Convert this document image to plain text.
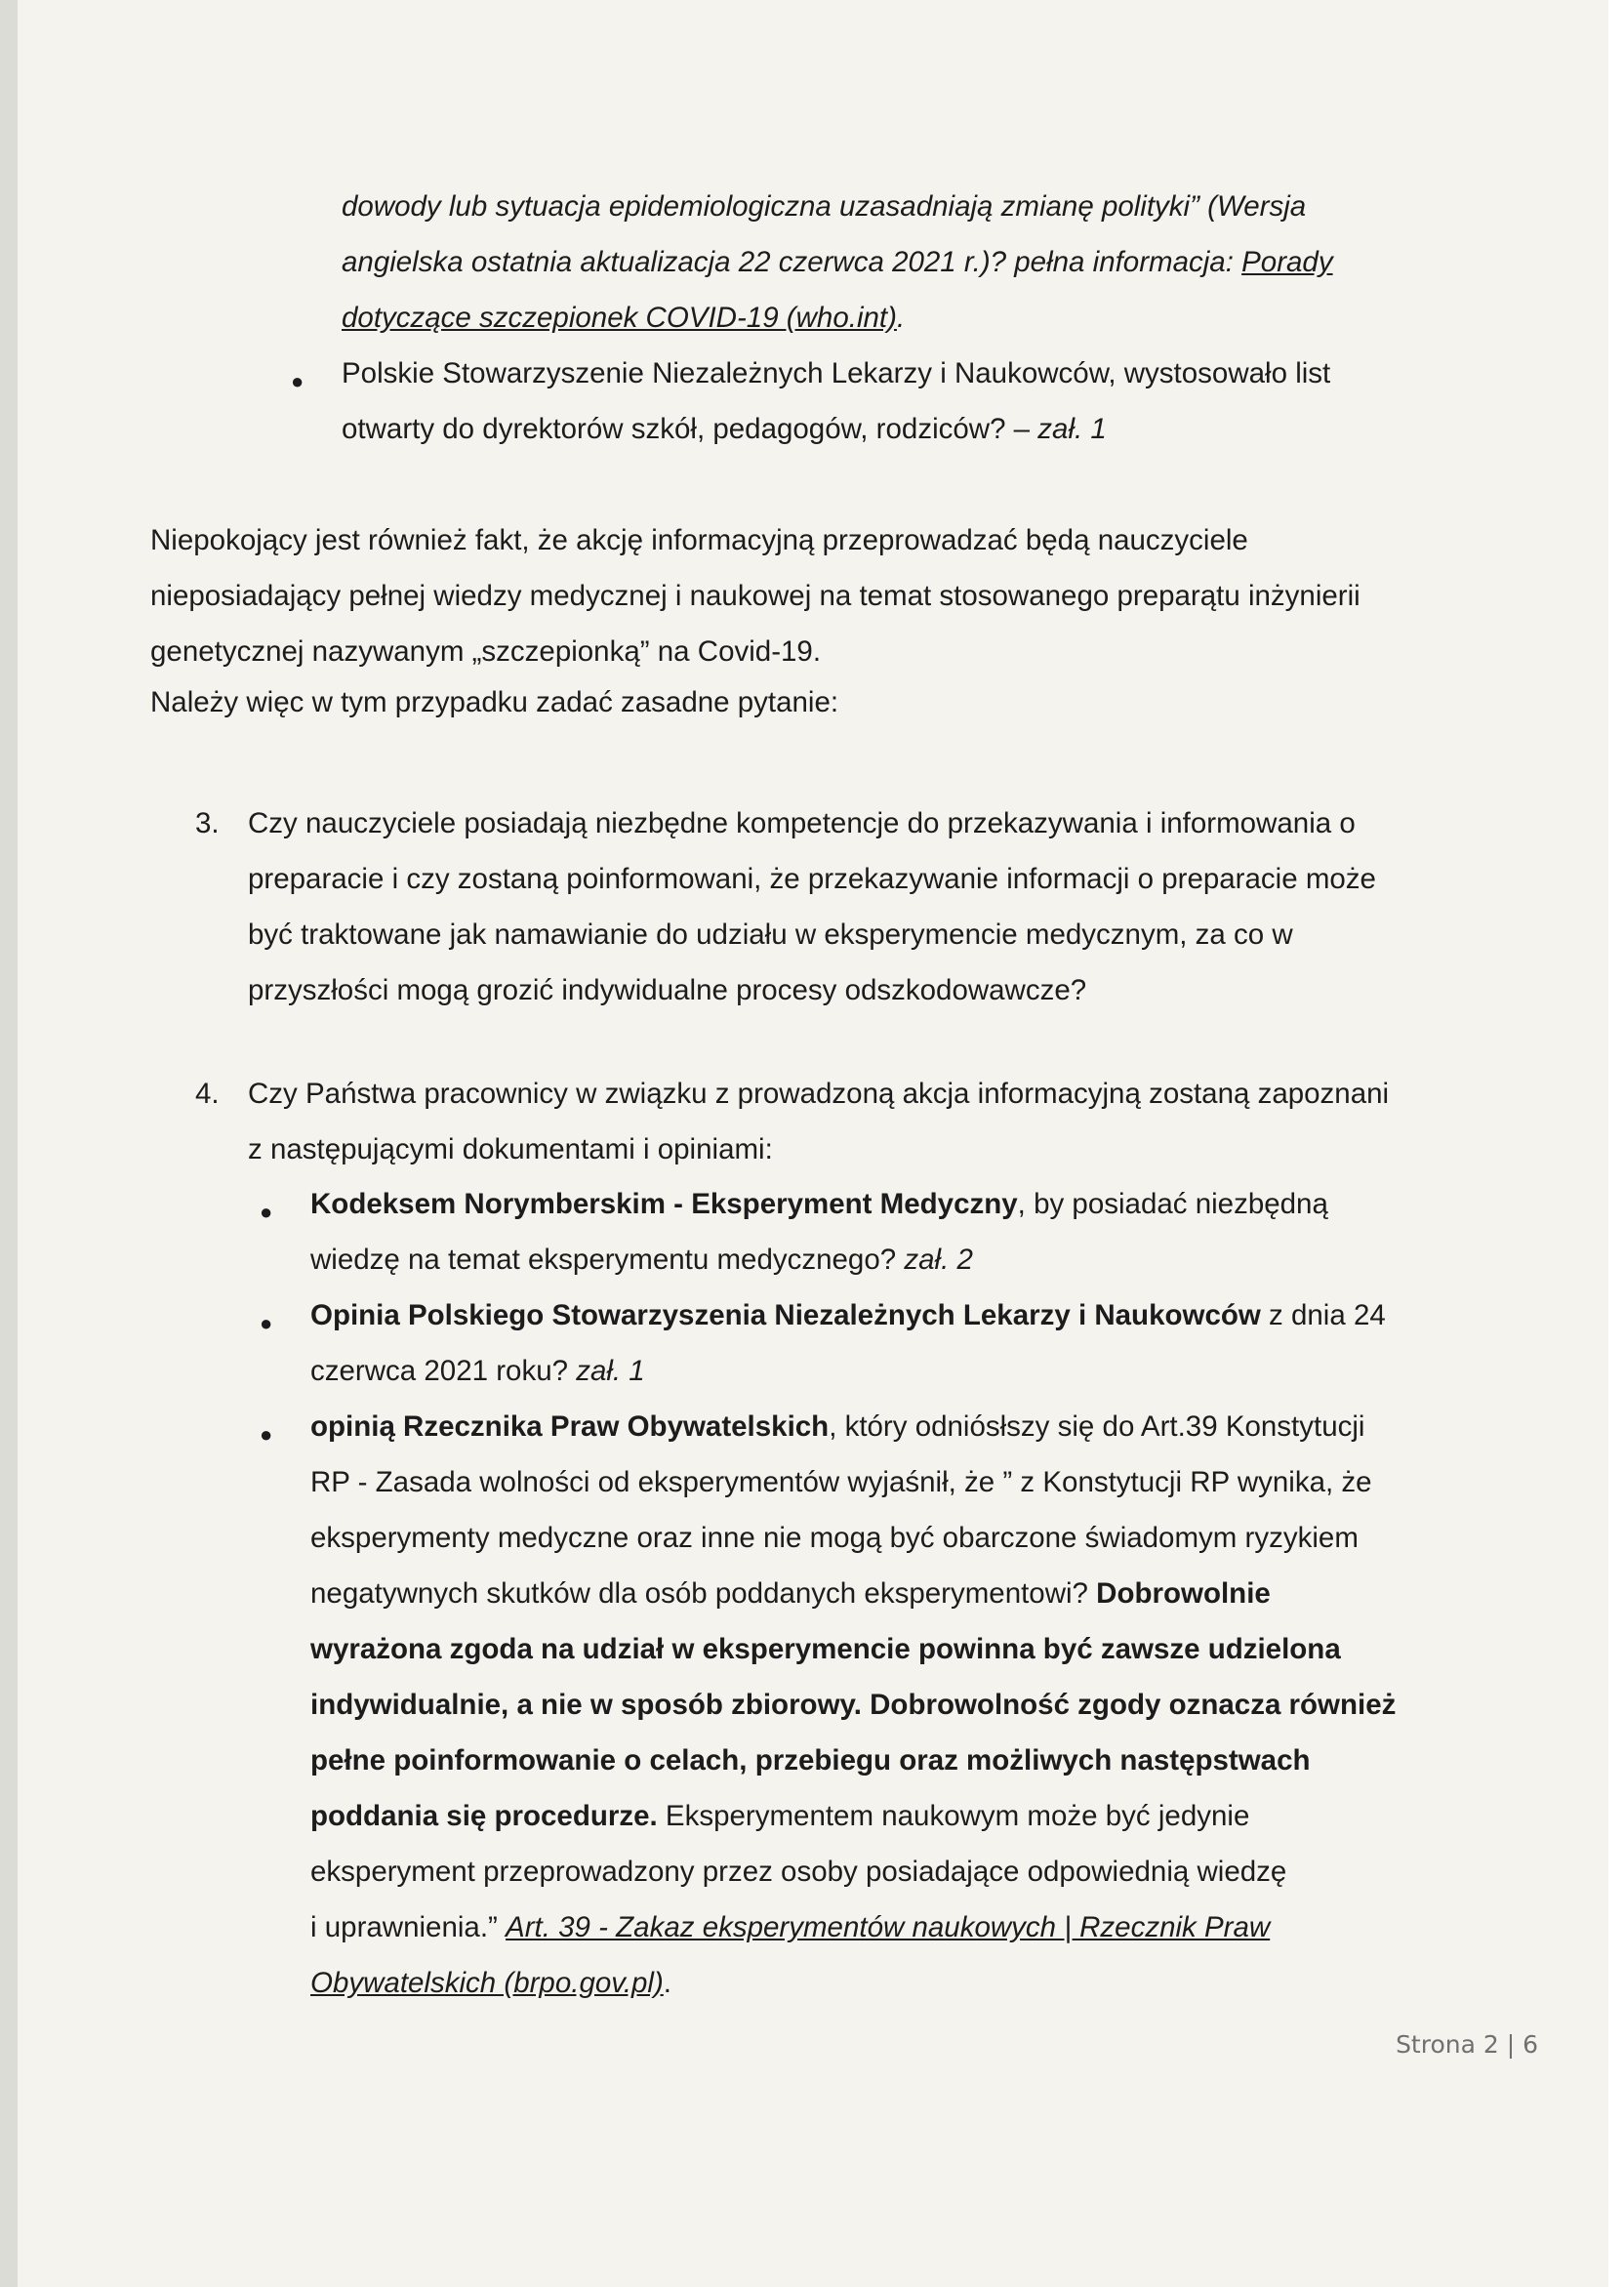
dowody lub sytuacja epidemiologiczna uzasadniają zmianę polityki” (Wersja
angielska ostatnia aktualizacja 22 czerwca 2021 r.)? pełna informacja: Porady
dotyczące szczepionek COVID-19 (who.int).
● Polskie Stowarzyszenie Niezależnych Lekarzy i Naukowców, wystosowało list
otwarty do dyrektorów szkół, pedagogów, rodziców? – zał. 1
Niepokojący jest również fakt, że akcję informacyjną przeprowadzać będą nauczyciele
nieposiadający pełnej wiedzy medycznej i naukowej na temat stosowanego preparątu inżynierii
genetycznej nazywanym „szczepionką” na Covid-19.
Należy więc w tym przypadku zadać zasadne pytanie:
3. Czy nauczyciele posiadają niezbędne kompetencje do przekazywania i informowania o
preparacie i czy zostaną poinformowani, że przekazywanie informacji o preparacie może
być traktowane jak namawianie do udziału w eksperymencie medycznym, za co w
przyszłości mogą grozić indywidualne procesy odszkodowawcze?
4. Czy Państwa pracownicy w związku z prowadzoną akcja informacyjną zostaną zapoznani
z następującymi dokumentami i opiniami:
● Kodeksem Norymberskim - Eksperyment Medyczny, by posiadać niezbędną
wiedzę na temat eksperymentu medycznego? zał. 2
● Opinia Polskiego Stowarzyszenia Niezależnych Lekarzy i Naukowców z dnia 24
czerwca 2021 roku? zał. 1
● opinią Rzecznika Praw Obywatelskich, który odniósłszy się do Art.39 Konstytucji
RP - Zasada wolności od eksperymentów wyjaśnił, że ” z Konstytucji RP wynika, że
eksperymenty medyczne oraz inne nie mogą być obarczone świadomym ryzykiem
negatywnych skutków dla osób poddanych eksperymentowi? Dobrowolnie
wyrażona zgoda na udział w eksperymencie powinna być zawsze udzielona
indywidualnie, a nie w sposób zbiorowy. Dobrowolność zgody oznacza również
pełne poinformowanie o celach, przebiegu oraz możliwych następstwach
poddania się procedurze. Eksperymentem naukowym może być jedynie
eksperyment przeprowadzony przez osoby posiadające odpowiednią wiedzę
i uprawnienia.” Art. 39 - Zakaz eksperymentów naukowych | Rzecznik Praw
Obywatelskich (brpo.gov.pl).
Strona 2 | 6
